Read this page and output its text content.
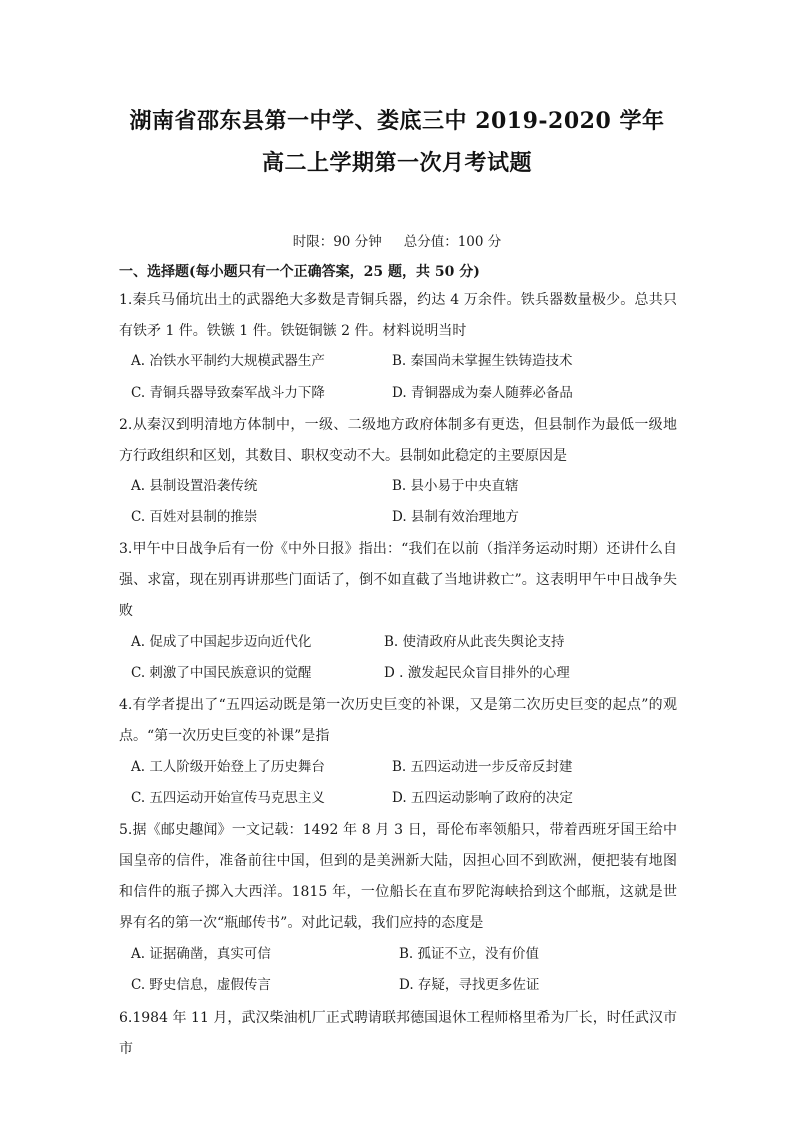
湖南省邵东县第一中学、娄底三中 2019-2020 学年
高二上学期第一次月考试题
时限：90 分钟 总分值：100 分
一、选择题(每小题只有一个正确答案，25 题，共 50 分)
1.秦兵马俑坑出土的武器绝大多数是青铜兵器，约达 4 万余件。铁兵器数量极少。总共只有铁矛 1 件。铁镞 1 件。铁铤铜镞 2 件。材料说明当时
A. 冶铁水平制约大规模武器生产	B. 秦国尚未掌握生铁铸造技术
C. 青铜兵器导致秦军战斗力下降	D. 青铜器成为秦人随葬必备品
2.从秦汉到明清地方体制中，一级、二级地方政府体制多有更迭，但县制作为最低一级地方行政组织和区划，其数目、职权变动不大。县制如此稳定的主要原因是
A. 县制设置沿袭传统	B. 县小易于中央直辖
C. 百姓对县制的推崇	D. 县制有效治理地方
3.甲午中日战争后有一份《中外日报》指出：“我们在以前（指洋务运动时期）还讲什么自强、求富，现在别再讲那些门面话了，倒不如直截了当地讲救亡”。这表明甲午中日战争失败
A. 促成了中国起步迈向近代化	B. 使清政府从此丧失舆论支持
C. 刺激了中国民族意识的觉醒	D . 激发起民众盲目排外的心理
4.有学者提出了“五四运动既是第一次历史巨变的补课，又是第二次历史巨变的起点”的观点。“第一次历史巨变的补课”是指
A. 工人阶级开始登上了历史舞台	B. 五四运动进一步反帝反封建
C. 五四运动开始宣传马克思主义	D. 五四运动影响了政府的决定
5.据《邮史趣闻》一文记载：1492 年 8 月 3 日，哥伦布率领船只，带着西班牙国王给中国皇帝的信件，准备前往中国，但到的是美洲新大陆，因担心回不到欧洲，便把装有地图和信件的瓶子掷入大西洋。1815 年，一位船长在直布罗陀海峡拾到这个邮瓶，这就是世界有名的第一次“瓶邮传书”。对此记载，我们应持的态度是
A. 证据确凿，真实可信	B. 孤证不立，没有价值
C. 野史信息，虚假传言	D. 存疑，寻找更多佐证
6.1984 年 11 月，武汉柴油机厂正式聘请联邦德国退休工程师格里希为厂长，时任武汉市市
